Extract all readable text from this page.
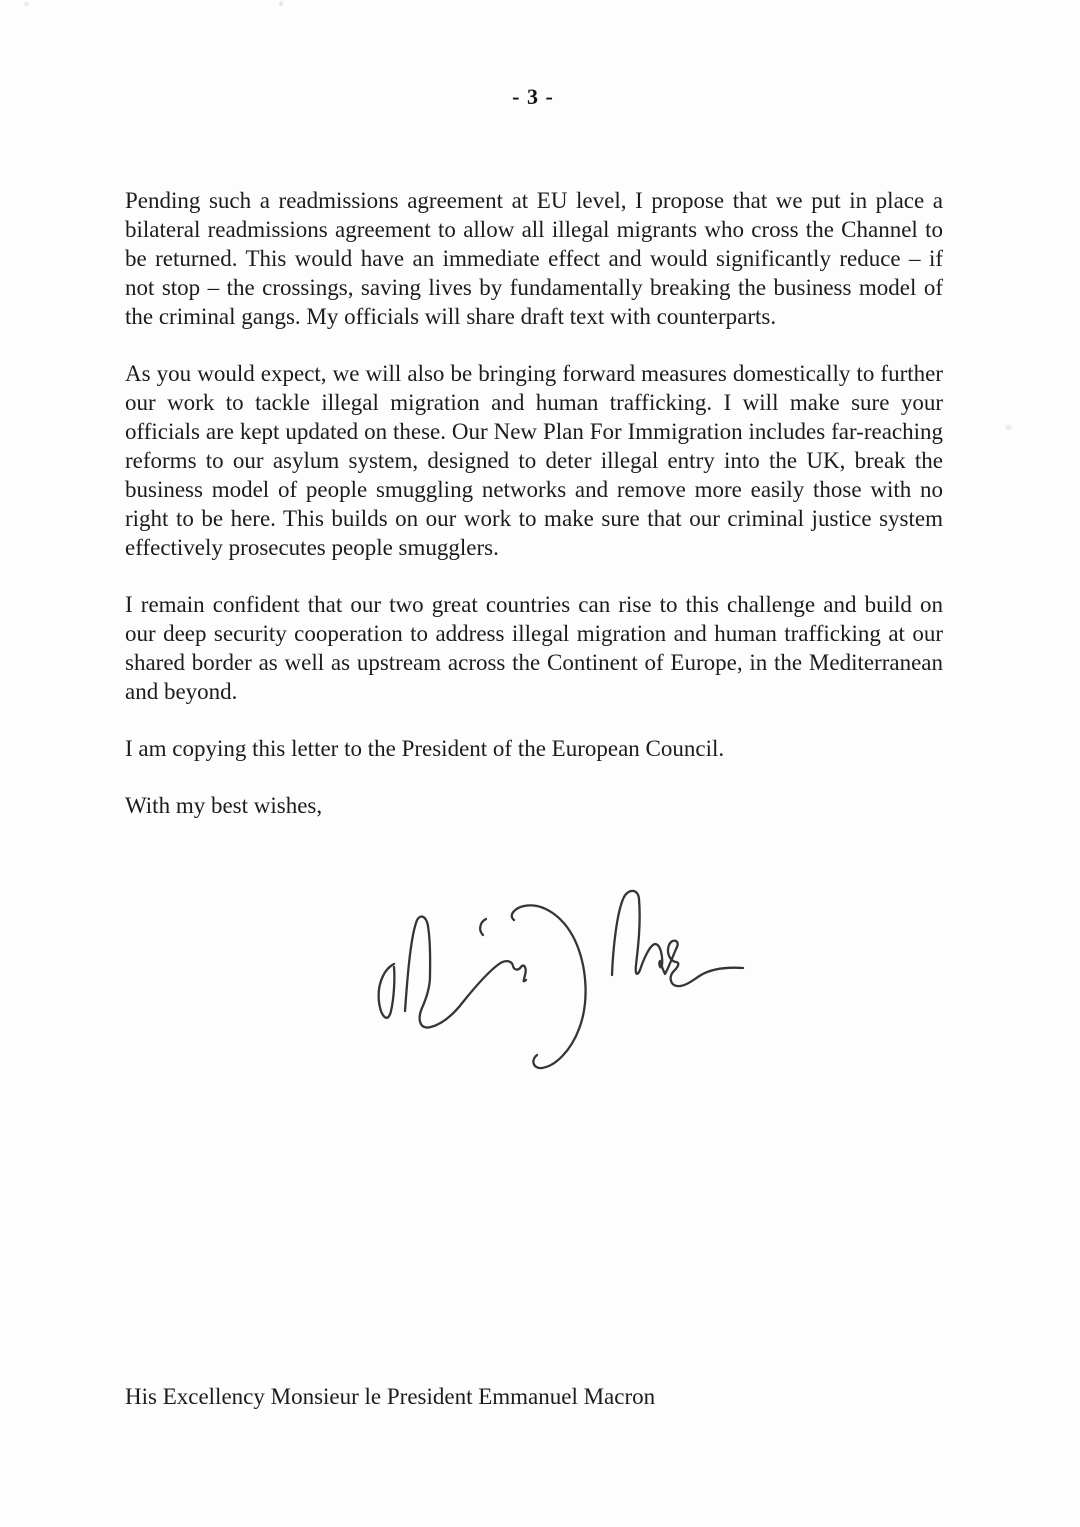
- 3 -

Pending such a readmissions agreement at EU level, I propose that we put in place a bilateral readmissions agreement to allow all illegal migrants who cross the Channel to be returned. This would have an immediate effect and would significantly reduce – if not stop – the crossings, saving lives by fundamentally breaking the business model of the criminal gangs. My officials will share draft text with counterparts.

As you would expect, we will also be bringing forward measures domestically to further our work to tackle illegal migration and human trafficking. I will make sure your officials are kept updated on these. Our New Plan For Immigration includes far-reaching reforms to our asylum system, designed to deter illegal entry into the UK, break the business model of people smuggling networks and remove more easily those with no right to be here. This builds on our work to make sure that our criminal justice system effectively prosecutes people smugglers.

I remain confident that our two great countries can rise to this challenge and build on our deep security cooperation to address illegal migration and human trafficking at our shared border as well as upstream across the Continent of Europe, in the Mediterranean and beyond.

I am copying this letter to the President of the European Council.

With my best wishes,

His Excellency Monsieur le President Emmanuel Macron
